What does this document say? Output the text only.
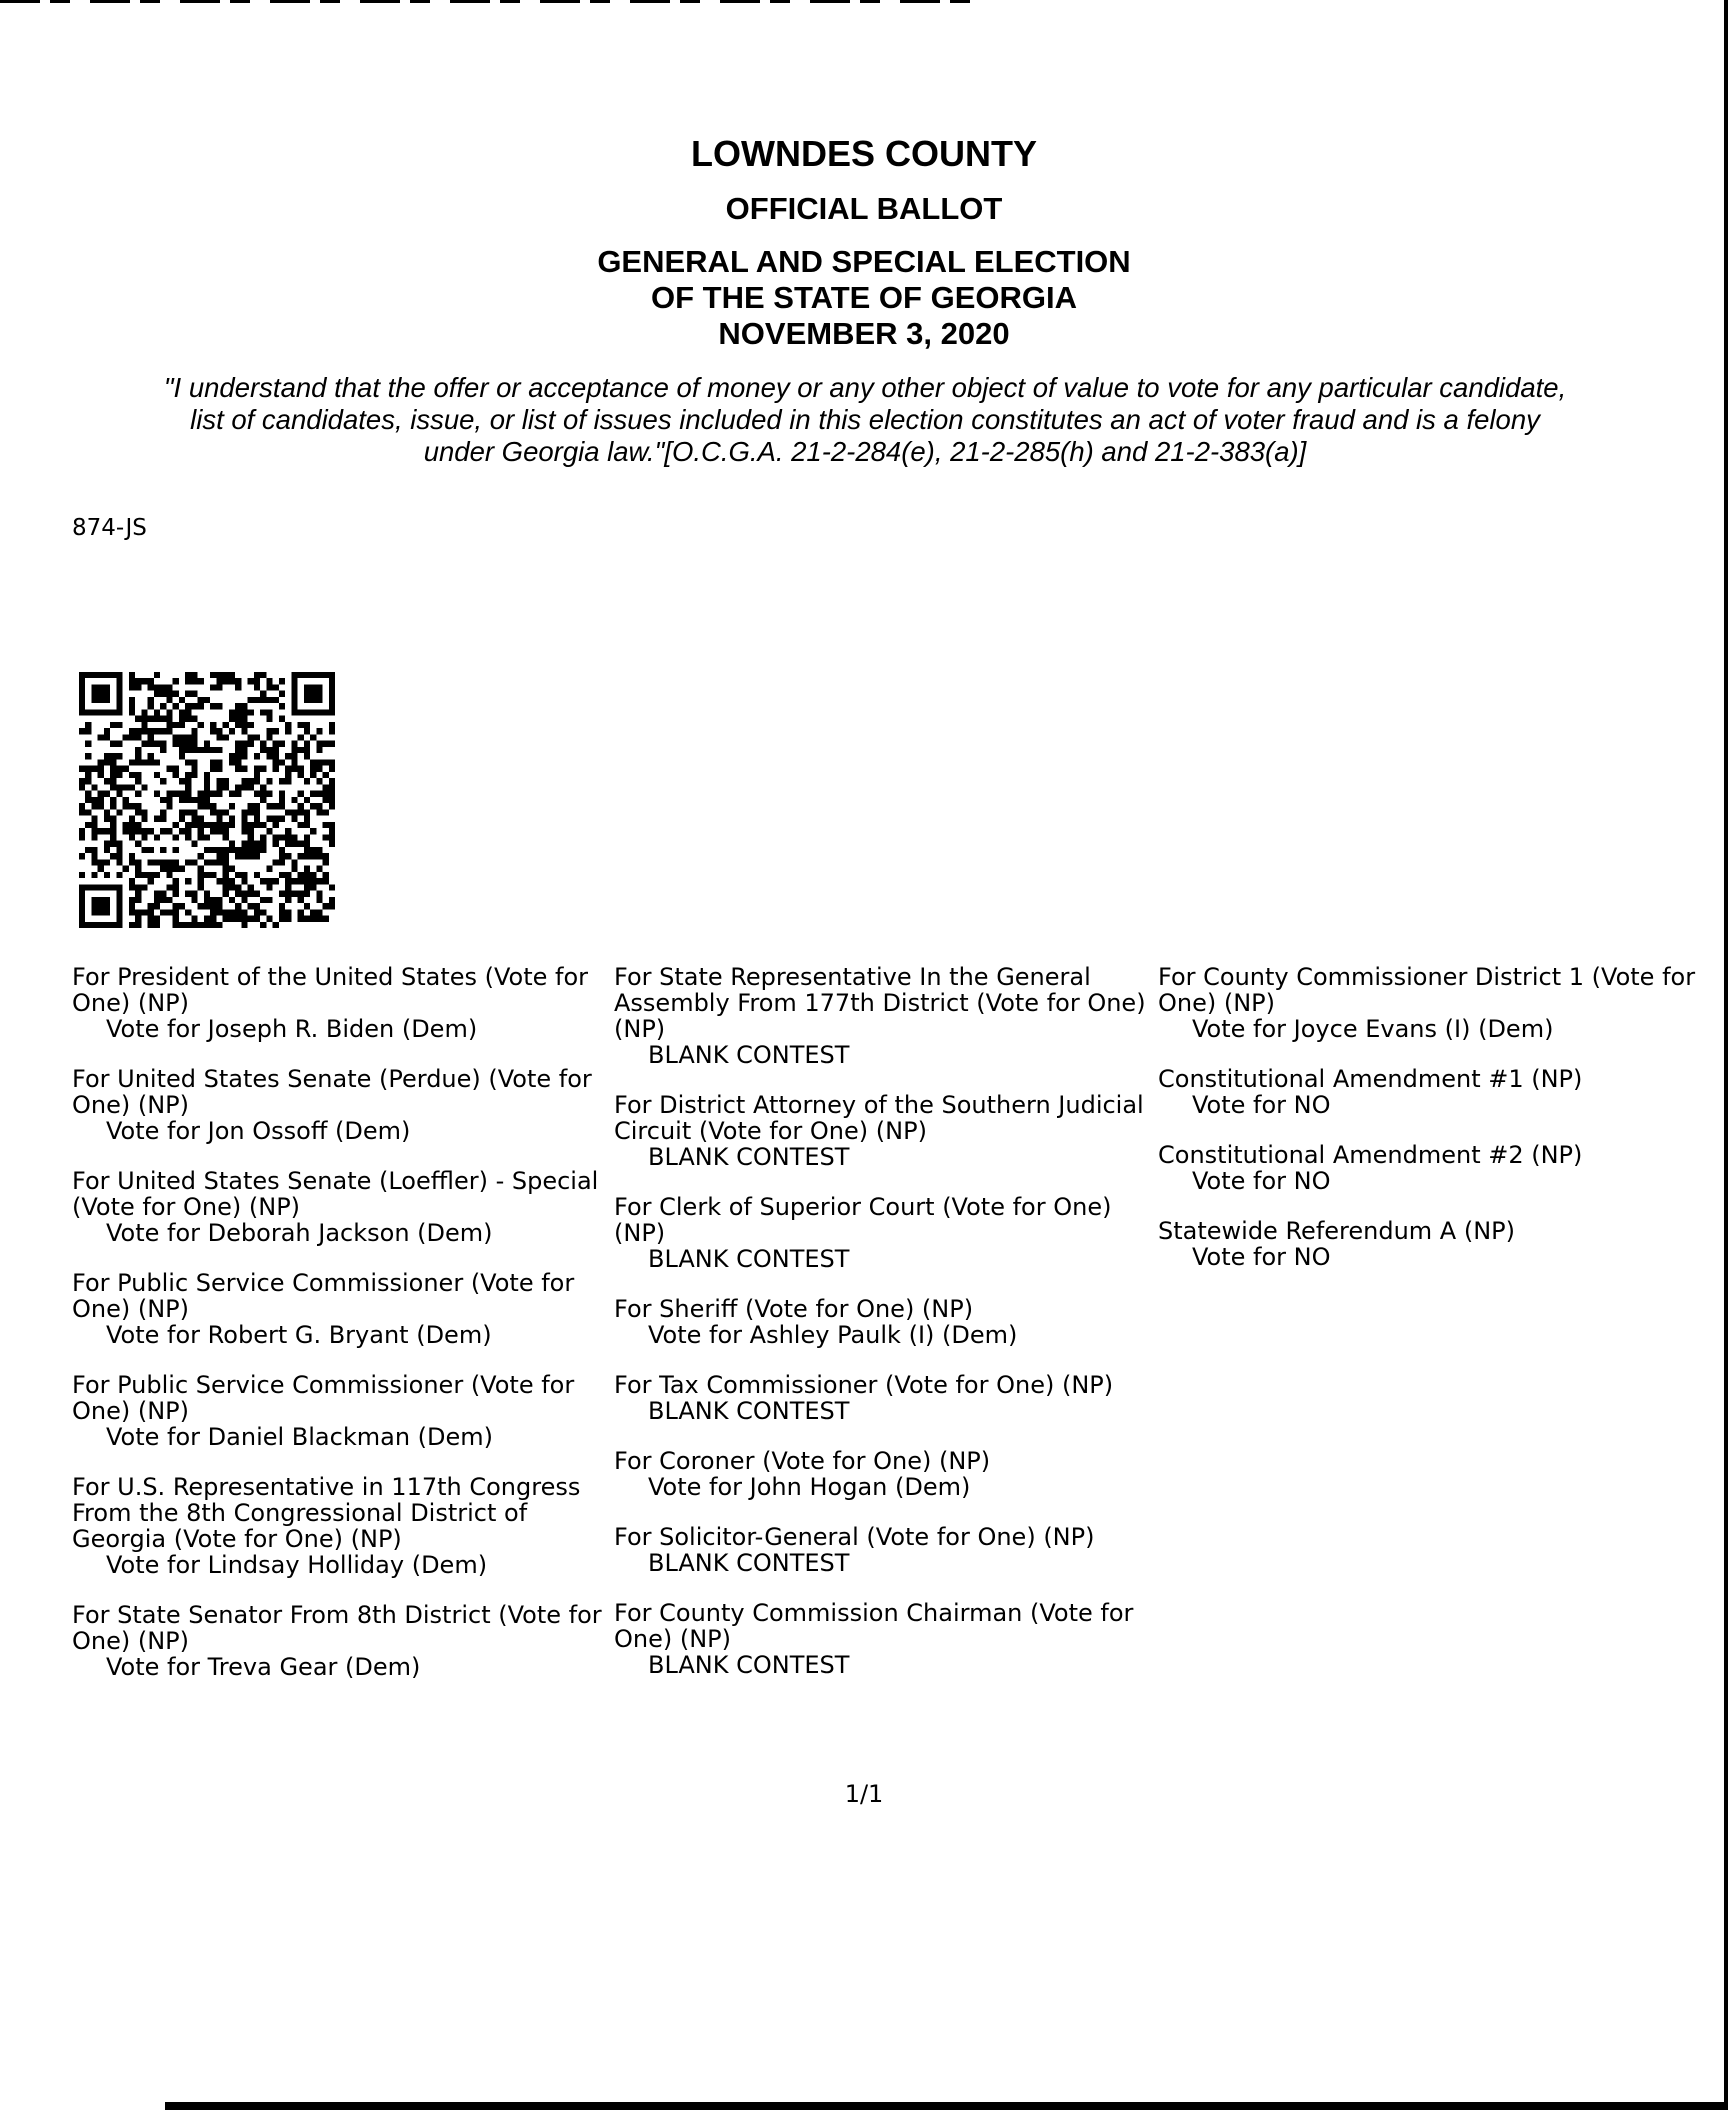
LOWNDES COUNTY
OFFICIAL BALLOT
GENERAL AND SPECIAL ELECTION
OF THE STATE OF GEORGIA
NOVEMBER 3, 2020
"I understand that the offer or acceptance of money or any other object of value to vote for any particular candidate,
list of candidates, issue, or list of issues included in this election constitutes an act of voter fraud and is a felony
under Georgia law."[O.C.G.A. 21-2-284(e), 21-2-285(h) and 21-2-383(a)]
874-JS
For President of the United States (Vote for One) (NP)
Vote for Joseph R. Biden (Dem)
For United States Senate (Perdue) (Vote for One) (NP)
Vote for Jon Ossoff (Dem)
For United States Senate (Loeffler) - Special (Vote for One) (NP)
Vote for Deborah Jackson (Dem)
For Public Service Commissioner (Vote for One) (NP)
Vote for Robert G. Bryant (Dem)
For Public Service Commissioner (Vote for One) (NP)
Vote for Daniel Blackman (Dem)
For U.S. Representative in 117th Congress From the 8th Congressional District of Georgia (Vote for One) (NP)
Vote for Lindsay Holliday (Dem)
For State Senator From 8th District (Vote for One) (NP)
Vote for Treva Gear (Dem)
For State Representative In the General Assembly From 177th District (Vote for One) (NP)
BLANK CONTEST
For District Attorney of the Southern Judicial Circuit (Vote for One) (NP)
BLANK CONTEST
For Clerk of Superior Court (Vote for One) (NP)
BLANK CONTEST
For Sheriff (Vote for One) (NP)
Vote for Ashley Paulk (I) (Dem)
For Tax Commissioner (Vote for One) (NP)
BLANK CONTEST
For Coroner (Vote for One) (NP)
Vote for John Hogan (Dem)
For Solicitor-General (Vote for One) (NP)
BLANK CONTEST
For County Commission Chairman (Vote for One) (NP)
BLANK CONTEST
For County Commissioner District 1 (Vote for One) (NP)
Vote for Joyce Evans (I) (Dem)
Constitutional Amendment #1 (NP)
Vote for NO
Constitutional Amendment #2 (NP)
Vote for NO
Statewide Referendum A (NP)
Vote for NO
1/1
